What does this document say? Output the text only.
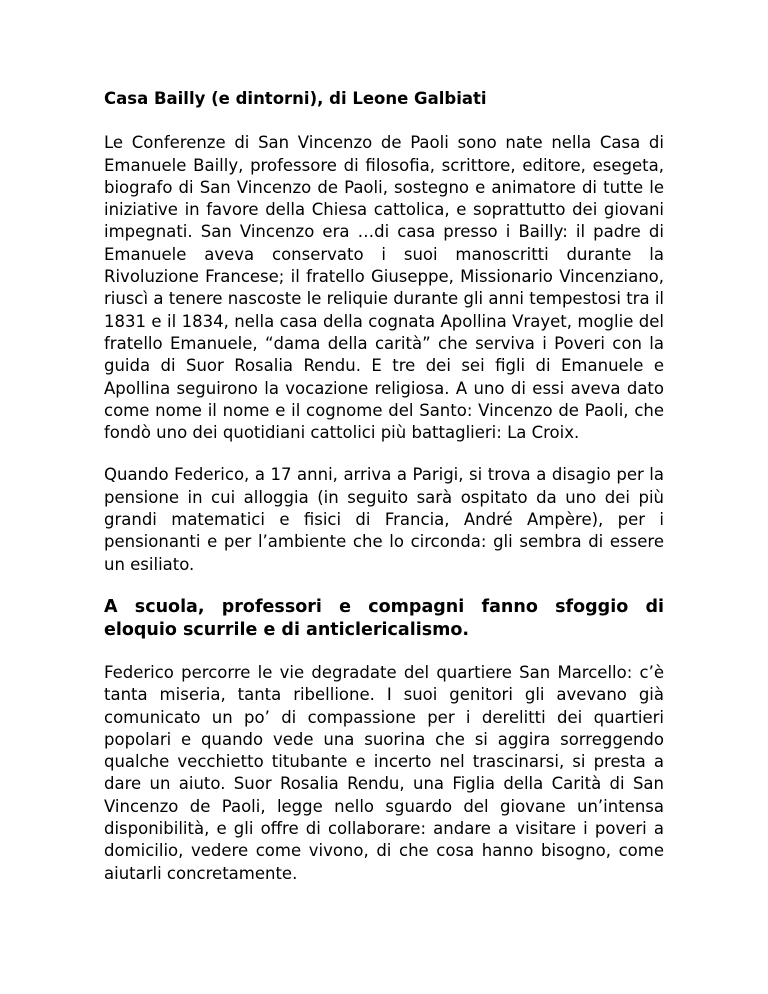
Casa Bailly (e dintorni), di Leone Galbiati

Le Conferenze di San Vincenzo de Paoli sono nate nella Casa di Emanuele Bailly, professore di filosofia, scrittore, editore, esegeta, biografo di San Vincenzo de Paoli, sostegno e animatore di tutte le iniziative in favore della Chiesa cattolica, e soprattutto dei giovani impegnati. San Vincenzo era …di casa presso i Bailly: il padre di Emanuele aveva conservato i suoi manoscritti durante la Rivoluzione Francese; il fratello Giuseppe, Missionario Vincenziano, riuscì a tenere nascoste le reliquie durante gli anni tempestosi tra il 1831 e il 1834, nella casa della cognata Apollina Vrayet, moglie del fratello Emanuele, “dama della carità” che serviva i Poveri con la guida di Suor Rosalia Rendu. E tre dei sei figli di Emanuele e Apollina seguirono la vocazione religiosa. A uno di essi aveva dato come nome il nome e il cognome del Santo: Vincenzo de Paoli, che fondò uno dei quotidiani cattolici più battaglieri: La Croix.

Quando Federico, a 17 anni, arriva a Parigi, si trova a disagio per la pensione in cui alloggia (in seguito sarà ospitato da uno dei più grandi matematici e fisici di Francia, André Ampère), per i pensionanti e per l’ambiente che lo circonda: gli sembra di essere un esiliato.

A scuola, professori e compagni fanno sfoggio di eloquio scurrile e di anticlericalismo.

Federico percorre le vie degradate del quartiere San Marcello: c’è tanta miseria, tanta ribellione. I suoi genitori gli avevano già comunicato un po’ di compassione per i derelitti dei quartieri popolari e quando vede una suorina che si aggira sorreggendo qualche vecchietto titubante e incerto nel trascinarsi, si presta a dare un aiuto. Suor Rosalia Rendu, una Figlia della Carità di San Vincenzo de Paoli, legge nello sguardo del giovane un’intensa disponibilità, e gli offre di collaborare: andare a visitare i poveri a domicilio, vedere come vivono, di che cosa hanno bisogno, come aiutarli concretamente.
